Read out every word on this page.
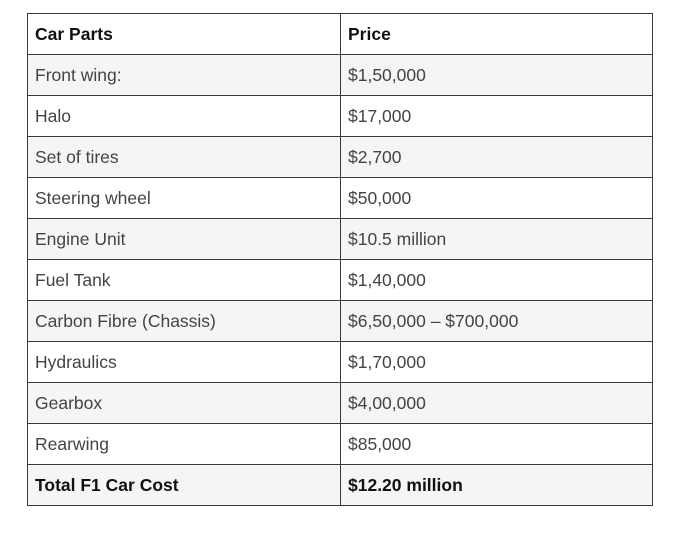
Car Parts	Price
Front wing:	$1,50,000
Halo	$17,000
Set of tires	$2,700
Steering wheel	$50,000
Engine Unit	$10.5 million
Fuel Tank	$1,40,000
Carbon Fibre (Chassis)	$6,50,000 – $700,000
Hydraulics	$1,70,000
Gearbox	$4,00,000
Rearwing	$85,000
Total F1 Car Cost	$12.20 million
